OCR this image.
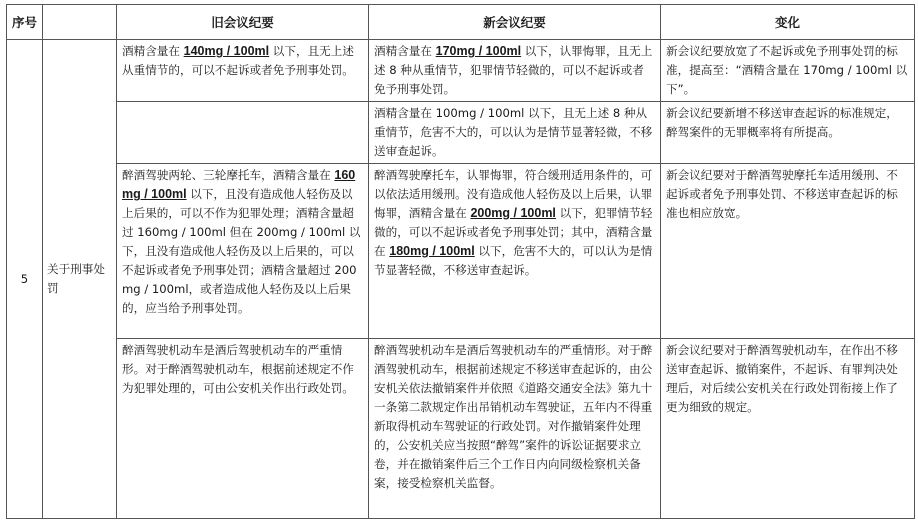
序号		旧会议纪要	新会议纪要	变化
5	关于刑事处罚	酒精含量在 140mg / 100ml 以下，且无上述从重情节的，可以不起诉或者免予刑事处罚。	酒精含量在 170mg / 100ml 以下，认罪悔罪，且无上述 8 种从重情节，犯罪情节轻微的，可以不起诉或者免予刑事处罚。	新会议纪要放宽了不起诉或免予刑事处罚的标准，提高至：“酒精含量在 170mg / 100ml 以下”。
			酒精含量在 100mg / 100ml 以下，且无上述 8 种从重情节，危害不大的，可以认为是情节显著轻微，不移送审查起诉。	新会议纪要新增不移送审查起诉的标准规定，醉驾案件的无罪概率将有所提高。
		醉酒驾驶两轮、三轮摩托车，酒精含量在 160mg / 100ml 以下，且没有造成他人轻伤及以上后果的，可以不作为犯罪处理；酒精含量超过 160mg / 100ml 但在 200mg / 100ml 以下，且没有造成他人轻伤及以上后果的，可以不起诉或者免予刑事处罚；酒精含量超过 200mg / 100ml，或者造成他人轻伤及以上后果的，应当给予刑事处罚。	醉酒驾驶摩托车，认罪悔罪，符合缓刑适用条件的，可以依法适用缓刑。没有造成他人轻伤及以上后果，认罪悔罪，酒精含量在 200mg / 100ml 以下，犯罪情节轻微的，可以不起诉或者免予刑事处罚；其中，酒精含量在 180mg / 100ml 以下，危害不大的，可以认为是情节显著轻微，不移送审查起诉。	新会议纪要对于醉酒驾驶摩托车适用缓刑、不起诉或者免予刑事处罚、不移送审查起诉的标准也相应放宽。
		醉酒驾驶机动车是酒后驾驶机动车的严重情形。对于醉酒驾驶机动车，根据前述规定不作为犯罪处理的，可由公安机关作出行政处罚。	醉酒驾驶机动车是酒后驾驶机动车的严重情形。对于醉酒驾驶机动车，根据前述规定不移送审查起诉的，由公安机关依法撤销案件并依照《道路交通安全法》第九十一条第二款规定作出吊销机动车驾驶证，五年内不得重新取得机动车驾驶证的行政处罚。对作撤销案件处理的，公安机关应当按照“醉驾”案件的诉讼证据要求立卷，并在撤销案件后三个工作日内向同级检察机关备案，接受检察机关监督。	新会议纪要对于醉酒驾驶机动车，在作出不移送审查起诉、撤销案件，不起诉、有罪判决处理后，对后续公安机关在行政处罚衔接上作了更为细致的规定。
